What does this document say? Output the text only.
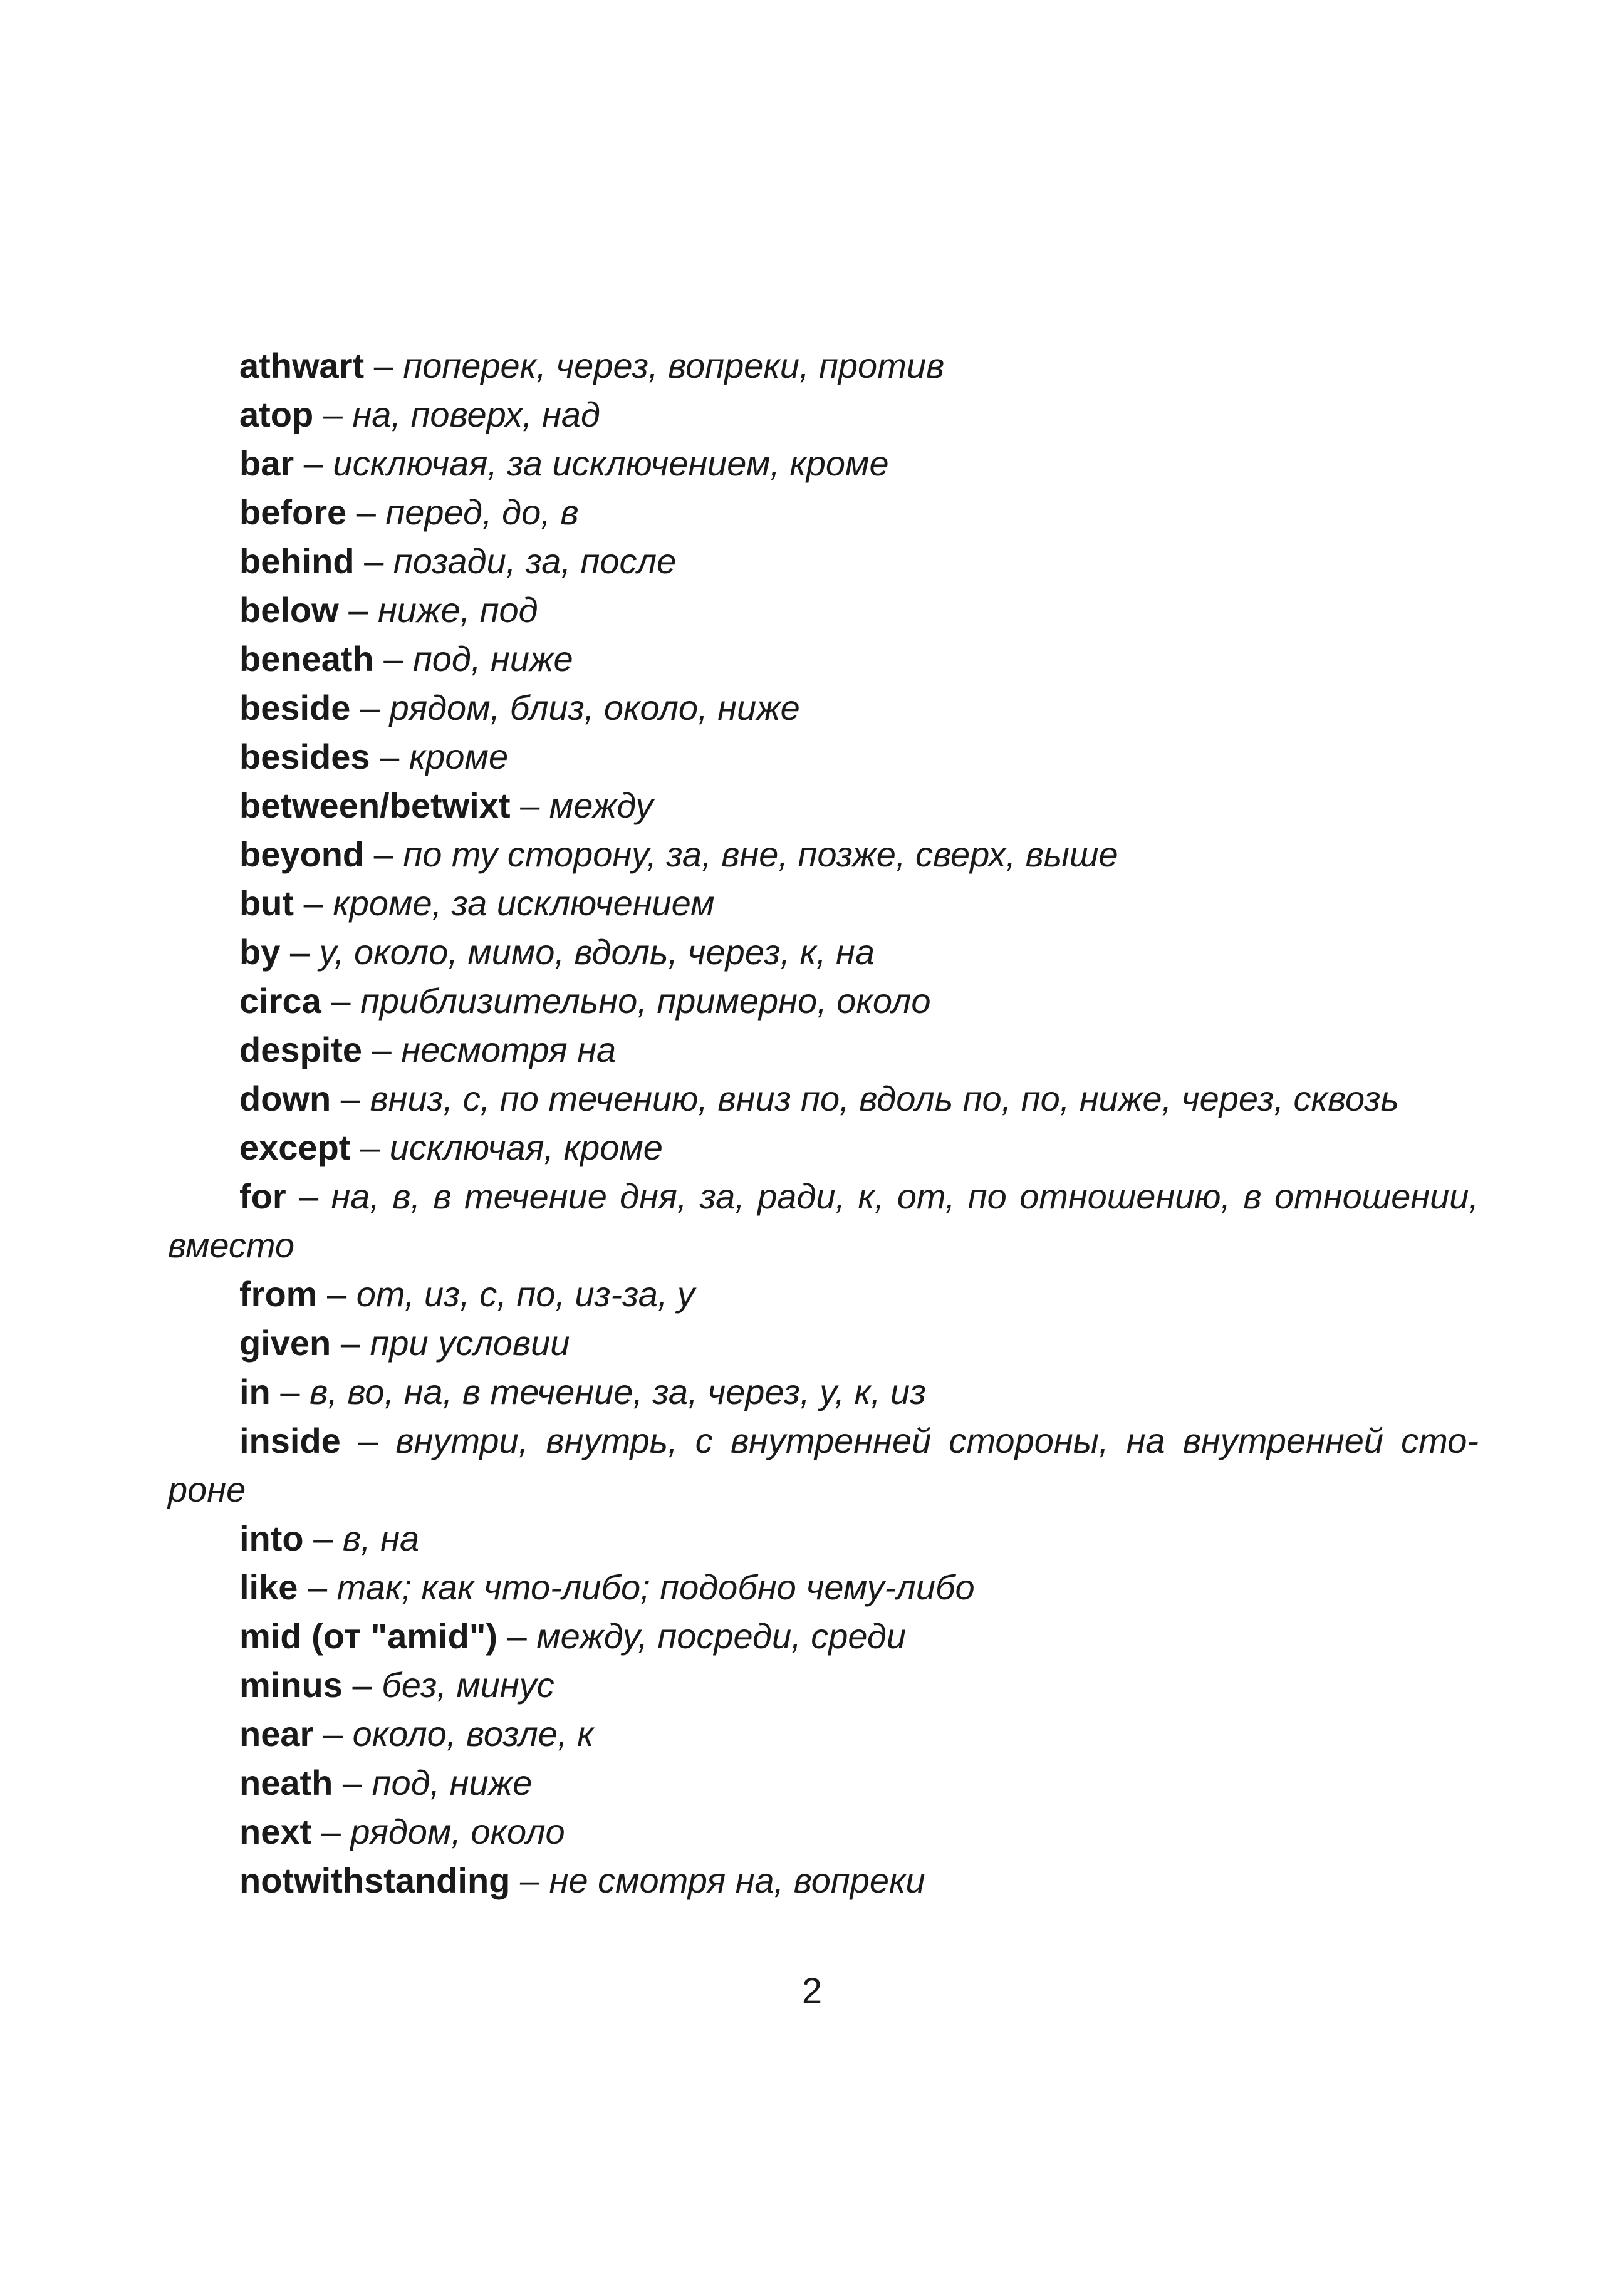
athwart – поперек, через, вопреки, против
atop – на, поверх, над
bar – исключая, за исключением, кроме
before – перед, до, в
behind – позади, за, после
below – ниже, под
beneath – под, ниже
beside – рядом, близ, около, ниже
besides – кроме
between/betwixt – между
beyond – по ту сторону, за, вне, позже, сверх, выше
but – кроме, за исключением
by – у, около, мимо, вдоль, через, к, на
circa – приблизительно, примерно, около
despite – несмотря на
down – вниз, с, по течению, вниз по, вдоль по, по, ниже, через, сквозь
except – исключая, кроме
for – на, в, в течение дня, за, ради, к, от, по отношению, в отношении, вместо
from – от, из, с, по, из-за, у
given – при условии
in – в, во, на, в течение, за, через, у, к, из
inside – внутри, внутрь, с внутренней стороны, на внутренней сто-роне
into – в, на
like – так; как что-либо; подобно чему-либо
mid (от "amid") – между, посреди, среди
minus – без, минус
near – около, возле, к
neath – под, ниже
next – рядом, около
notwithstanding – не смотря на, вопреки
2
